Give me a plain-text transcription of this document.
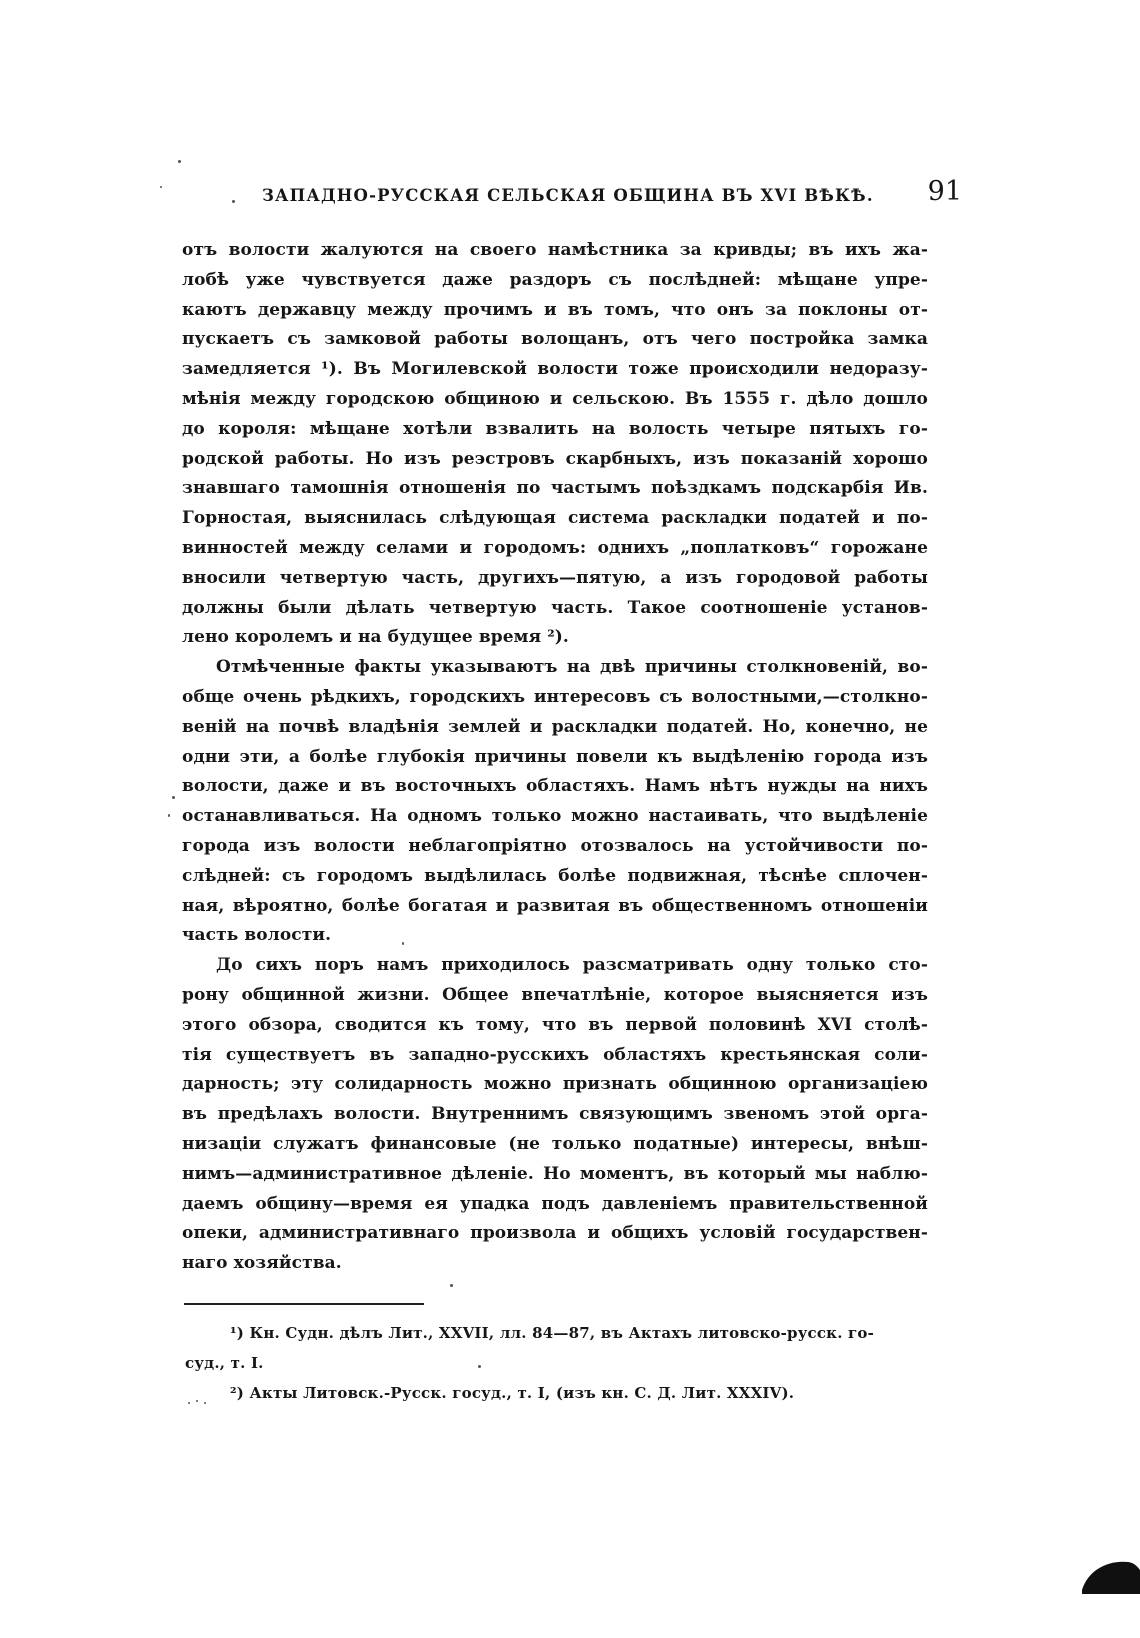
ЗАПАДНО-РУССКАЯ СЕЛЬСКАЯ ОБЩИНА ВЪ XVI ВѢКѢ. 91
отъ волости жалуются на своего намѣстника за кривды; въ ихъ жа-
лобѣ уже чувствуется даже раздоръ съ послѣдней: мѣщане упре-
каютъ державцу между прочимъ и въ томъ, что онъ за поклоны от-
пускаетъ съ замковой работы волощанъ, отъ чего постройка замка
замедляется ¹). Въ Могилевской волости тоже происходили недоразу-
мѣнія между городскою общиною и сельскою. Въ 1555 г. дѣло дошло
до короля: мѣщане хотѣли взвалить на волость четыре пятыхъ го-
родской работы. Но изъ реэстровъ скарбныхъ, изъ показаній хорошо
знавшаго тамошнія отношенія по частымъ поѣздкамъ подскарбія Ив.
Горностая, выяснилась слѣдующая система раскладки податей и по-
винностей между селами и городомъ: однихъ „поплатковъ“ горожане
вносили четвертую часть, другихъ—пятую, а изъ городовой работы
должны были дѣлать четвертую часть. Такое соотношеніе установ-
лено королемъ и на будущее время ²).
Отмѣченные факты указываютъ на двѣ причины столкновеній, во-
обще очень рѣдкихъ, городскихъ интересовъ съ волостными,—столкно-
веній на почвѣ владѣнія землей и раскладки податей. Но, конечно, не
одни эти, а болѣе глубокія причины повели къ выдѣленію города изъ
волости, даже и въ восточныхъ областяхъ. Намъ нѣтъ нужды на нихъ
останавливаться. На одномъ только можно настаивать, что выдѣленіе
города изъ волости неблагопріятно отозвалось на устойчивости по-
слѣдней: съ городомъ выдѣлилась болѣе подвижная, тѣснѣе сплочен-
ная, вѣроятно, болѣе богатая и развитая въ общественномъ отношеніи
часть волости.
До сихъ поръ намъ приходилось разсматривать одну только сто-
рону общинной жизни. Общее впечатлѣніе, которое выясняется изъ
этого обзора, сводится къ тому, что въ первой половинѣ XVI столѣ-
тія существуетъ въ западно-русскихъ областяхъ крестьянская соли-
дарность; эту солидарность можно признать общинною организаціею
въ предѣлахъ волости. Внутреннимъ связующимъ звеномъ этой орга-
низаціи служатъ финансовые (не только податные) интересы, внѣш-
нимъ—административное дѣленіе. Но моментъ, въ который мы наблю-
даемъ общину—время ея упадка подъ давленіемъ правительственной
опеки, административнаго произвола и общихъ условій государствен-
наго хозяйства.
¹) Кн. Судн. дѣлъ Лит., XXVII, лл. 84—87, въ Актахъ литовско-русск. го-
суд., т. I.
²) Акты Литовск.-Русск. госуд., т. I, (изъ кн. С. Д. Лит. XXXIV).
